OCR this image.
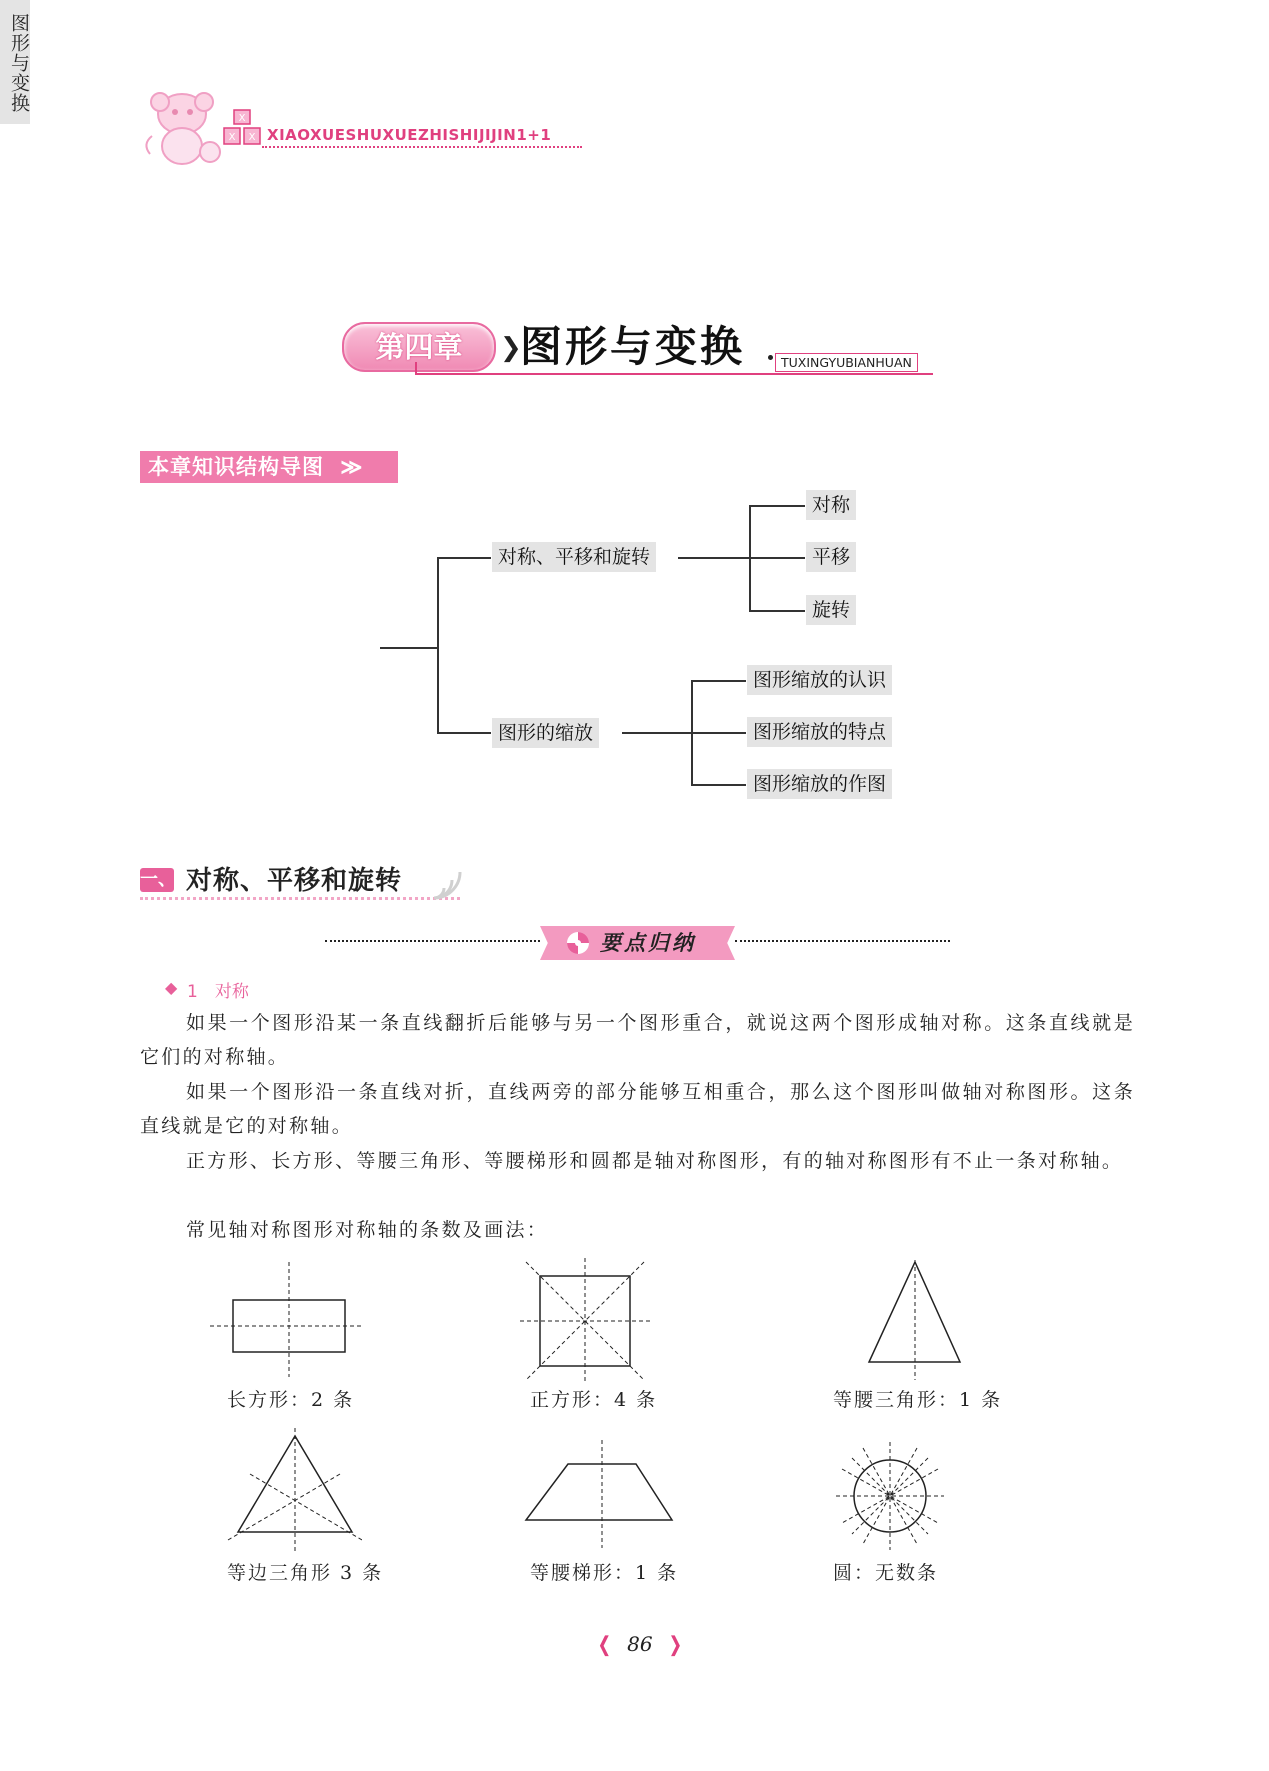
X
X X XIAOXUESHUXUEZHISHIJIJIN1+1
第四章	❯
图形与变换	TUXINGYUBIANHUAN
本章知识结构导图 ≫
图形与变换
对称、平移和旋转
图形的缩放
对称
平移
旋转
图形缩放的认识
图形缩放的特点
图形缩放的作图
一、 对称、平移和旋转
要点归纳
◆ 1　对称
如果一个图形沿某一条直线翻折后能够与另一个图形重合，就说这两个图形成轴对称。这条直线就是它们的对称轴。
如果一个图形沿一条直线对折，直线两旁的部分能够互相重合，那么这个图形叫做轴对称图形。这条直线就是它的对称轴。
正方形、长方形、等腰三角形、等腰梯形和圆都是轴对称图形，有的轴对称图形有不止一条对称轴。
常见轴对称图形对称轴的条数及画法：
长方形：2 条	正方形：4 条	等腰三角形：1 条
等边三角形 3 条	等腰梯形：1 条	圆：无数条
❬ 86 ❭
